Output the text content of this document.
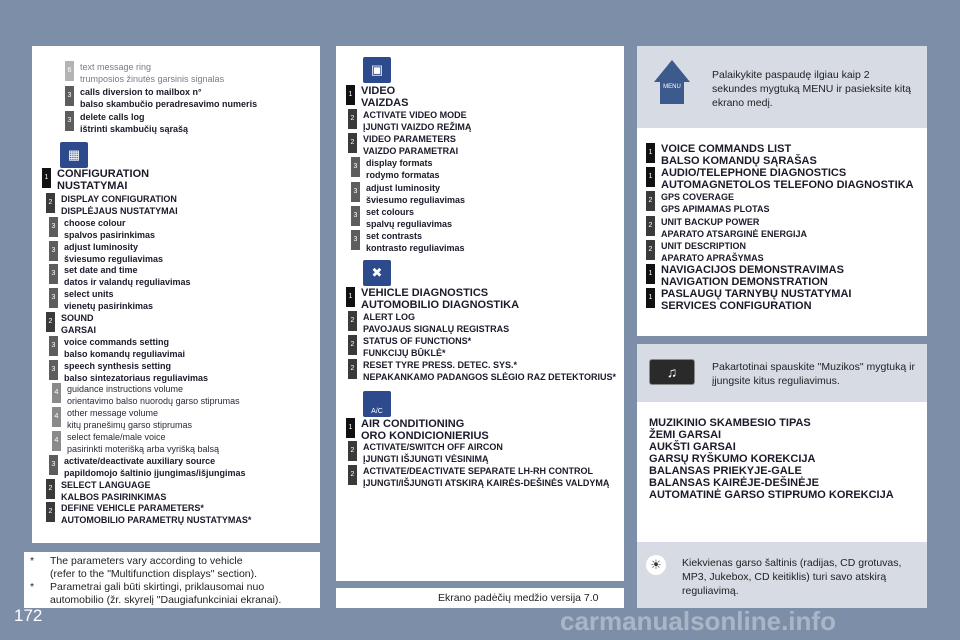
6 text message ring
trumposios žinutės garsinis signalas
3 calls diversion to mailbox n°
balso skambučio peradresavimo numeris
3 delete calls log
ištrinti skambučių sąrašą
▦
1 CONFIGURATION
NUSTATYMAI
2 DISPLAY CONFIGURATION
DISPLĖJAUS NUSTATYMAI
3 choose colour
spalvos pasirinkimas
3 adjust luminosity
šviesumo reguliavimas
3 set date and time
datos ir valandų reguliavimas
3 select units
vienetų pasirinkimas
2 SOUND
GARSAI
3 voice commands setting
balso komandų reguliavimai
3 speech synthesis setting
balso sintezatoriaus reguliavimas
4 guidance instructions volume
orientavimo balso nuorodų garso stiprumas
4 other message volume
kitų pranešimų garso stiprumas
4 select female/male voice
pasirinkti moterišką arba vyrišką balsą
3 activate/deactivate auxiliary source
papildomojo šaltinio įjungimas/išjungimas
2 SELECT LANGUAGE
KALBOS PASIRINKIMAS
2 DEFINE VEHICLE PARAMETERS*
AUTOMOBILIO PARAMETRŲ NUSTATYMAS*
*	The parameters vary according to vehicle
(refer to the "Multifunction displays" section).
*	Parametrai gali būti skirtingi, priklausomai nuo
automobilio (žr. skyrelį "Daugiafunkciniai ekranai).
172
▣
1 VIDEO
VAIZDAS
2 ACTIVATE VIDEO MODE
ĮJUNGTI VAIZDO REŽIMĄ
2 VIDEO PARAMETERS
VAIZDO PARAMETRAI
3 display formats
rodymo formatas
3 adjust luminosity
šviesumo reguliavimas
3 set colours
spalvų reguliavimas
3 set contrasts
kontrasto reguliavimas
✖
1 VEHICLE DIAGNOSTICS
AUTOMOBILIO DIAGNOSTIKA
2 ALERT LOG
PAVOJAUS SIGNALŲ REGISTRAS
2 STATUS OF FUNCTIONS*
FUNKCIJŲ BŪKLĖ*
2 RESET TYRE PRESS. DETEC. SYS.*
NEPAKANKAMO PADANGOS SLĖGIO RAZ DETEKTORIUS*
A/C
1 AIR CONDITIONING
ORO KONDICIONIERIUS
2 ACTIVATE/SWITCH OFF AIRCON
ĮJUNGTI IŠJUNGTI VĖSINIMĄ
2 ACTIVATE/DEACTIVATE SEPARATE LH-RH CONTROL
ĮJUNGTI/IŠJUNGTI ATSKIRĄ KAIRĖS-DEŠINĖS VALDYMĄ
Ekrano padėčių medžio versija 7.0
MENU
Palaikykite paspaudę ilgiau kaip 2 sekundes mygtuką MENU ir pasieksite kitą ekrano medį.
1 VOICE COMMANDS LIST
BALSO KOMANDŲ SĄRAŠAS
1 AUDIO/TELEPHONE DIAGNOSTICS
AUTOMAGNETOLOS TELEFONO DIAGNOSTIKA
2 GPS COVERAGE
GPS APIMAMAS PLOTAS
2 UNIT BACKUP POWER
APARATO ATSARGINĖ ENERGIJA
2 UNIT DESCRIPTION
APARATO APRAŠYMAS
1 NAVIGACIJOS DEMONSTRAVIMAS
NAVIGATION DEMONSTRATION
1 PASLAUGŲ TARNYBŲ NUSTATYMAI
SERVICES CONFIGURATION
♫	Pakartotinai spauskite "Muzikos" mygtuką ir įjungsite kitus reguliavimus.
MUZIKINIO SKAMBESIO TIPAS
ŽEMI GARSAI
AUKŠTI GARSAI
GARSŲ RYŠKUMO KOREKCIJA
BALANSAS PRIEKYJE-GALE
BALANSAS KAIRĖJE-DEŠINĖJE
AUTOMATINĖ GARSO STIPRUMO KOREKCIJA
☀	Kiekvienas garso šaltinis (radijas, CD grotuvas, MP3, Jukebox, CD keitiklis) turi savo atskirą reguliavimą.
carmanualsonline.info
